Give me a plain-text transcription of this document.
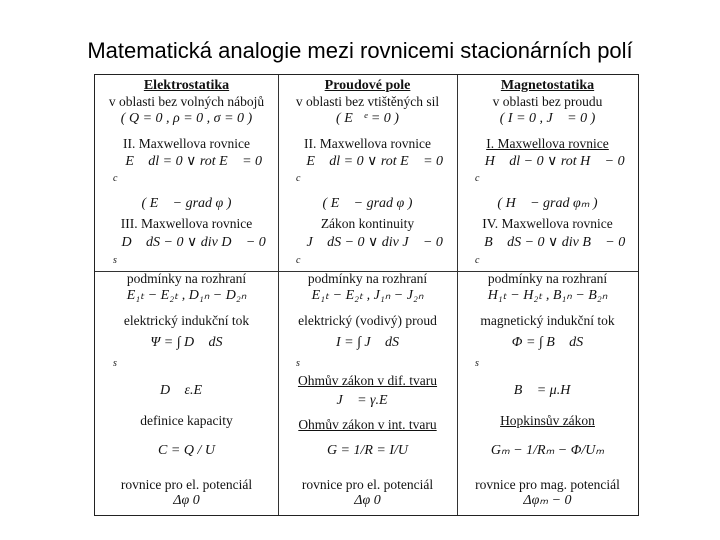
Matematická analogie mezi rovnicemi stacionárních polí
Elektrostatika
v oblasti bez volných nábojů
( Q = 0 , ρ = 0 , σ = 0 )
II. Maxwellova rovnice
∮ E⃗ dl = 0 ∨ rot E⃗ = 0
c
( E⃗ − grad φ )
III. Maxwellova rovnice
∮ D⃗ dS − 0 ∨ div D⃗ − 0
s
podmínky na rozhraní
E₁ₜ − E₂ₜ , D₁ₙ − D₂ₙ
elektrický indukční tok
Ψ = ∫ D⃗ dS
s
D⃗ ε.E⃗
definice kapacity
C = Q / U
rovnice pro el. potenciál
Δφ 0
Proudové pole
v oblasti bez vtištěných sil
( E⃗ᵉ = 0 )
II. Maxwellova rovnice
∮ E⃗ dl = 0 ∨ rot E⃗ = 0
c
( E⃗ − grad φ )
Zákon kontinuity
∮ J⃗ dS − 0 ∨ div J⃗ − 0
c
podmínky na rozhraní
E₁ₜ − E₂ₜ , J₁ₙ − J₂ₙ
elektrický (vodivý) proud
I = ∫ J⃗ dS
s
Ohmův zákon v dif. tvaru
J⃗ = γ.E⃗
Ohmův zákon v int. tvaru
G = 1/R = I/U
rovnice pro el. potenciál
Δφ 0
Magnetostatika
v oblasti bez proudu
( I = 0 , J⃗ = 0 )
I. Maxwellova rovnice
∮ H⃗ dl − 0 ∨ rot H⃗ − 0
c
( H⃗ − grad φₘ )
IV. Maxwellova rovnice
∮ B⃗ dS − 0 ∨ div B⃗ − 0
c
podmínky na rozhraní
H₁ₜ − H₂ₜ , B₁ₙ − B₂ₙ
magnetický indukční tok
Φ = ∫ B⃗ dS
s
B⃗ = μ.H⃗
Hopkinsův zákon
Gₘ − 1/Rₘ − Φ/Uₘ
rovnice pro mag. potenciál
Δφₘ − 0
